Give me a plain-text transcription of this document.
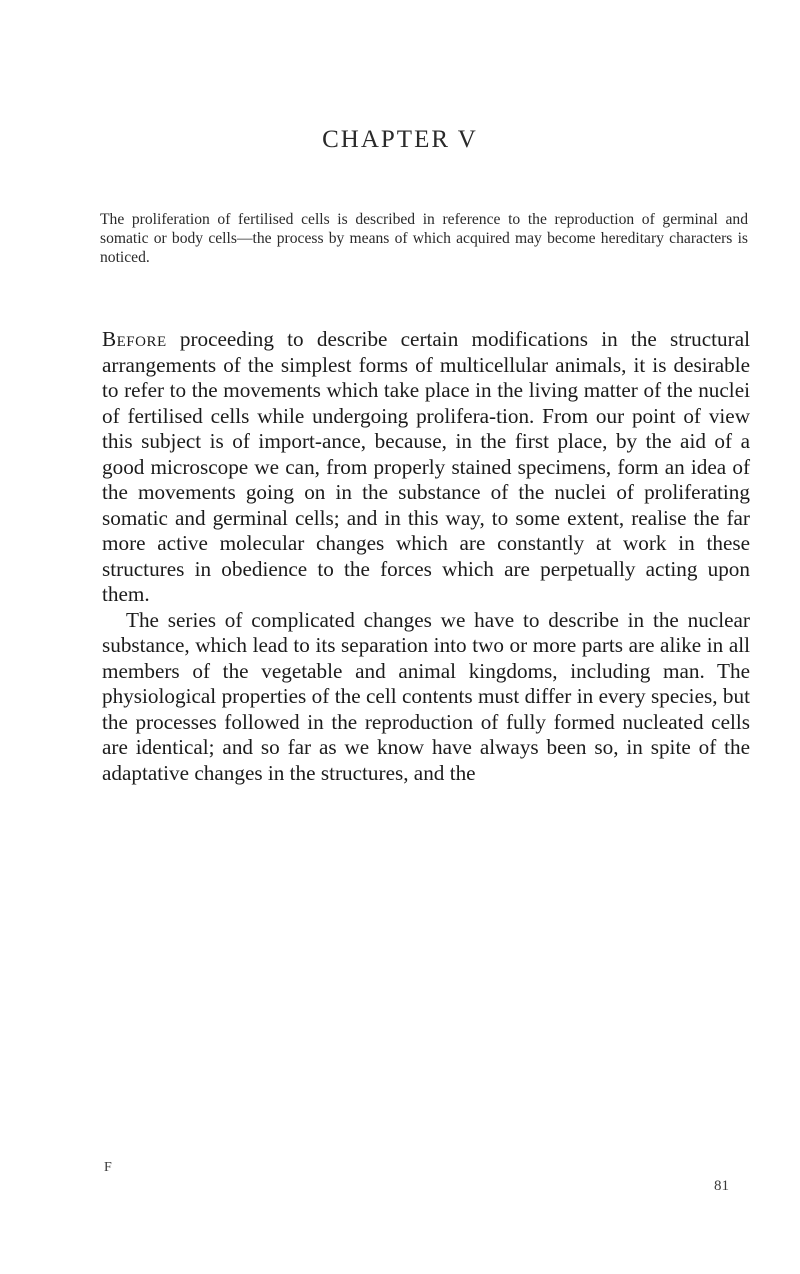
CHAPTER V
The proliferation of fertilised cells is described in reference to the reproduction of germinal and somatic or body cells—the process by means of which acquired may become hereditary characters is noticed.

Before proceeding to describe certain modifications in the structural arrangements of the simplest forms of multicellular animals, it is desirable to refer to the movements which take place in the living matter of the nuclei of fertilised cells while undergoing prolifera-tion. From our point of view this subject is of import-ance, because, in the first place, by the aid of a good microscope we can, from properly stained specimens, form an idea of the movements going on in the substance of the nuclei of proliferating somatic and germinal cells; and in this way, to some extent, realise the far more active molecular changes which are constantly at work in these structures in obedience to the forces which are perpetually acting upon them.

The series of complicated changes we have to describe in the nuclear substance, which lead to its separation into two or more parts are alike in all members of the vegetable and animal kingdoms, including man. The physiological properties of the cell contents must differ in every species, but the processes followed in the reproduction of fully formed nucleated cells are identical; and so far as we know have always been so, in spite of the adaptative changes in the structures, and the

F
81
